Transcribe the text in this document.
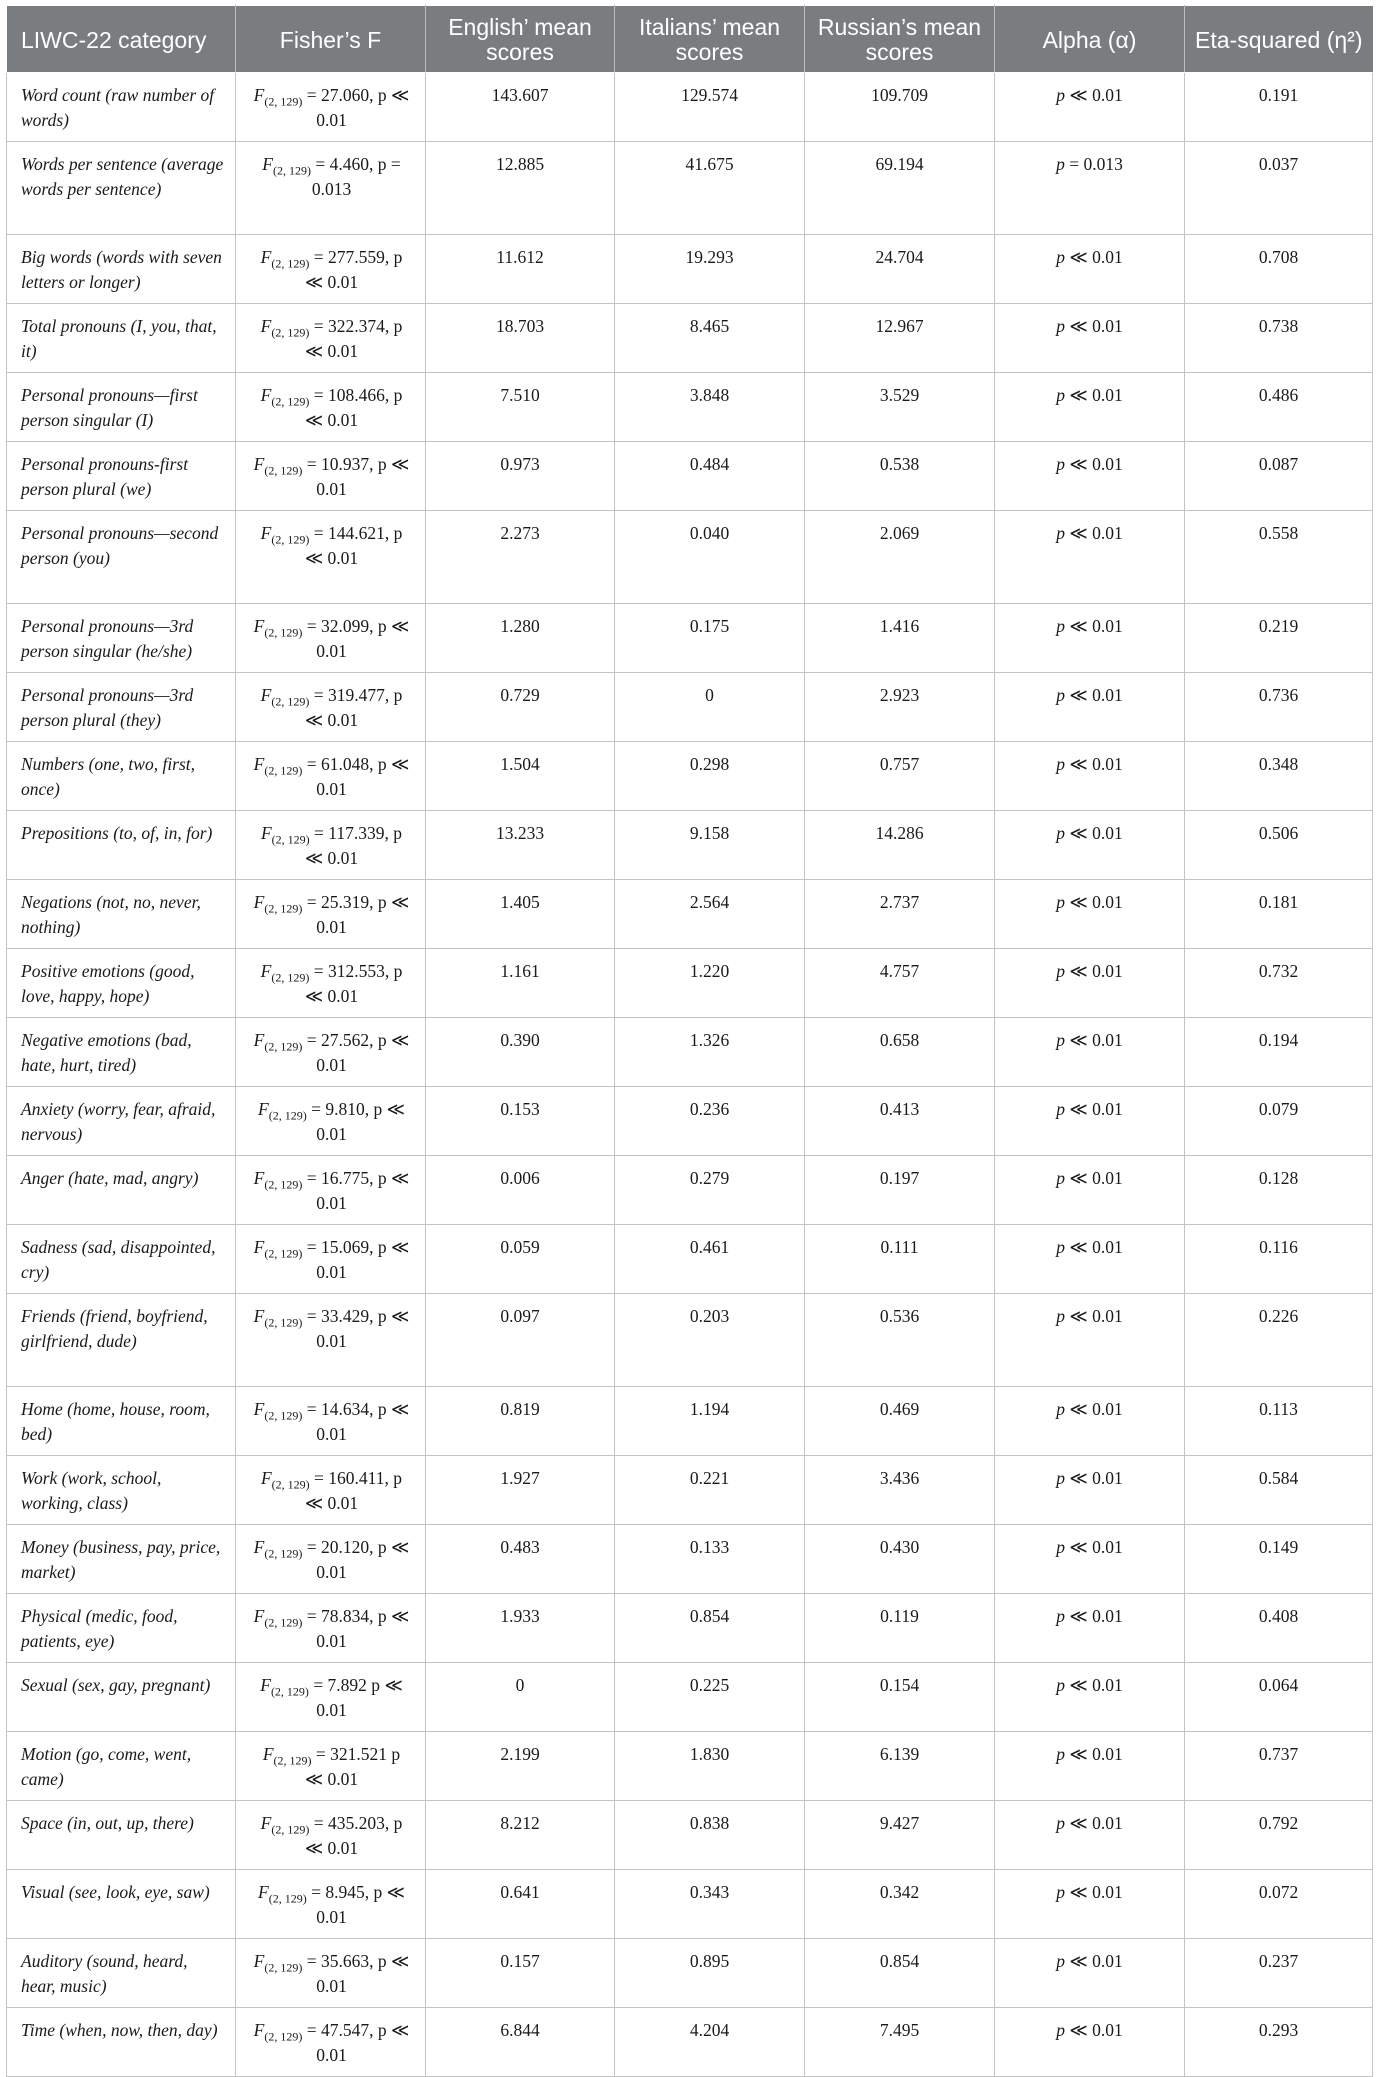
LIWC-22 category	Fisher’s F	English’ mean scores	Italians’ mean scores	Russian’s mean scores	Alpha (α)	Eta-squared (η²)
Word count (raw number of words)	$F_{(2, 129)} = 27.060$, p ≪ 0.01	143.607	129.574	109.709	p ≪ 0.01	0.191
Words per sentence (average words per sentence)	$F_{(2, 129)} = 4.460$, p = 0.013	12.885	41.675	69.194	p = 0.013	0.037
Big words (words with seven letters or longer)	$F_{(2, 129)} = 277.559$, p ≪ 0.01	11.612	19.293	24.704	p ≪ 0.01	0.708
Total pronouns (I, you, that, it)	$F_{(2, 129)} = 322.374$, p ≪ 0.01	18.703	8.465	12.967	p ≪ 0.01	0.738
Personal pronouns—first person singular (I)	$F_{(2, 129)} = 108.466$, p ≪ 0.01	7.510	3.848	3.529	p ≪ 0.01	0.486
Personal pronouns-first person plural (we)	$F_{(2, 129)} = 10.937$, p ≪ 0.01	0.973	0.484	0.538	p ≪ 0.01	0.087
Personal pronouns—second person (you)	$F_{(2, 129)} = 144.621$, p ≪ 0.01	2.273	0.040	2.069	p ≪ 0.01	0.558
Personal pronouns—3rd person singular (he/she)	$F_{(2, 129)} = 32.099$, p ≪ 0.01	1.280	0.175	1.416	p ≪ 0.01	0.219
Personal pronouns—3rd person plural (they)	$F_{(2, 129)} = 319.477$, p ≪ 0.01	0.729	0	2.923	p ≪ 0.01	0.736
Numbers (one, two, first, once)	$F_{(2, 129)} = 61.048$, p ≪ 0.01	1.504	0.298	0.757	p ≪ 0.01	0.348
Prepositions (to, of, in, for)	$F_{(2, 129)} = 117.339$, p ≪ 0.01	13.233	9.158	14.286	p ≪ 0.01	0.506
Negations (not, no, never, nothing)	$F_{(2, 129)} = 25.319$, p ≪ 0.01	1.405	2.564	2.737	p ≪ 0.01	0.181
Positive emotions (good, love, happy, hope)	$F_{(2, 129)} = 312.553$, p ≪ 0.01	1.161	1.220	4.757	p ≪ 0.01	0.732
Negative emotions (bad, hate, hurt, tired)	$F_{(2, 129)} = 27.562$, p ≪ 0.01	0.390	1.326	0.658	p ≪ 0.01	0.194
Anxiety (worry, fear, afraid, nervous)	$F_{(2, 129)} = 9.810$, p ≪ 0.01	0.153	0.236	0.413	p ≪ 0.01	0.079
Anger (hate, mad, angry)	$F_{(2, 129)} = 16.775$, p ≪ 0.01	0.006	0.279	0.197	p ≪ 0.01	0.128
Sadness (sad, disappointed, cry)	$F_{(2, 129)} = 15.069$, p ≪ 0.01	0.059	0.461	0.111	p ≪ 0.01	0.116
Friends (friend, boyfriend, girlfriend, dude)	$F_{(2, 129)} = 33.429$, p ≪ 0.01	0.097	0.203	0.536	p ≪ 0.01	0.226
Home (home, house, room, bed)	$F_{(2, 129)} = 14.634$, p ≪ 0.01	0.819	1.194	0.469	p ≪ 0.01	0.113
Work (work, school, working, class)	$F_{(2, 129)} = 160.411$, p ≪ 0.01	1.927	0.221	3.436	p ≪ 0.01	0.584
Money (business, pay, price, market)	$F_{(2, 129)} = 20.120$, p ≪ 0.01	0.483	0.133	0.430	p ≪ 0.01	0.149
Physical (medic, food, patients, eye)	$F_{(2, 129)} = 78.834$, p ≪ 0.01	1.933	0.854	0.119	p ≪ 0.01	0.408
Sexual (sex, gay, pregnant)	$F_{(2, 129)} = 7.892$ p ≪ 0.01	0	0.225	0.154	p ≪ 0.01	0.064
Motion (go, come, went, came)	$F_{(2, 129)} = 321.521$ p ≪ 0.01	2.199	1.830	6.139	p ≪ 0.01	0.737
Space (in, out, up, there)	$F_{(2, 129)} = 435.203$, p ≪ 0.01	8.212	0.838	9.427	p ≪ 0.01	0.792
Visual (see, look, eye, saw)	$F_{(2, 129)} = 8.945$, p ≪ 0.01	0.641	0.343	0.342	p ≪ 0.01	0.072
Auditory (sound, heard, hear, music)	$F_{(2, 129)} = 35.663$, p ≪ 0.01	0.157	0.895	0.854	p ≪ 0.01	0.237
Time (when, now, then, day)	$F_{(2, 129)} = 47.547$, p ≪ 0.01	6.844	4.204	7.495	p ≪ 0.01	0.293
